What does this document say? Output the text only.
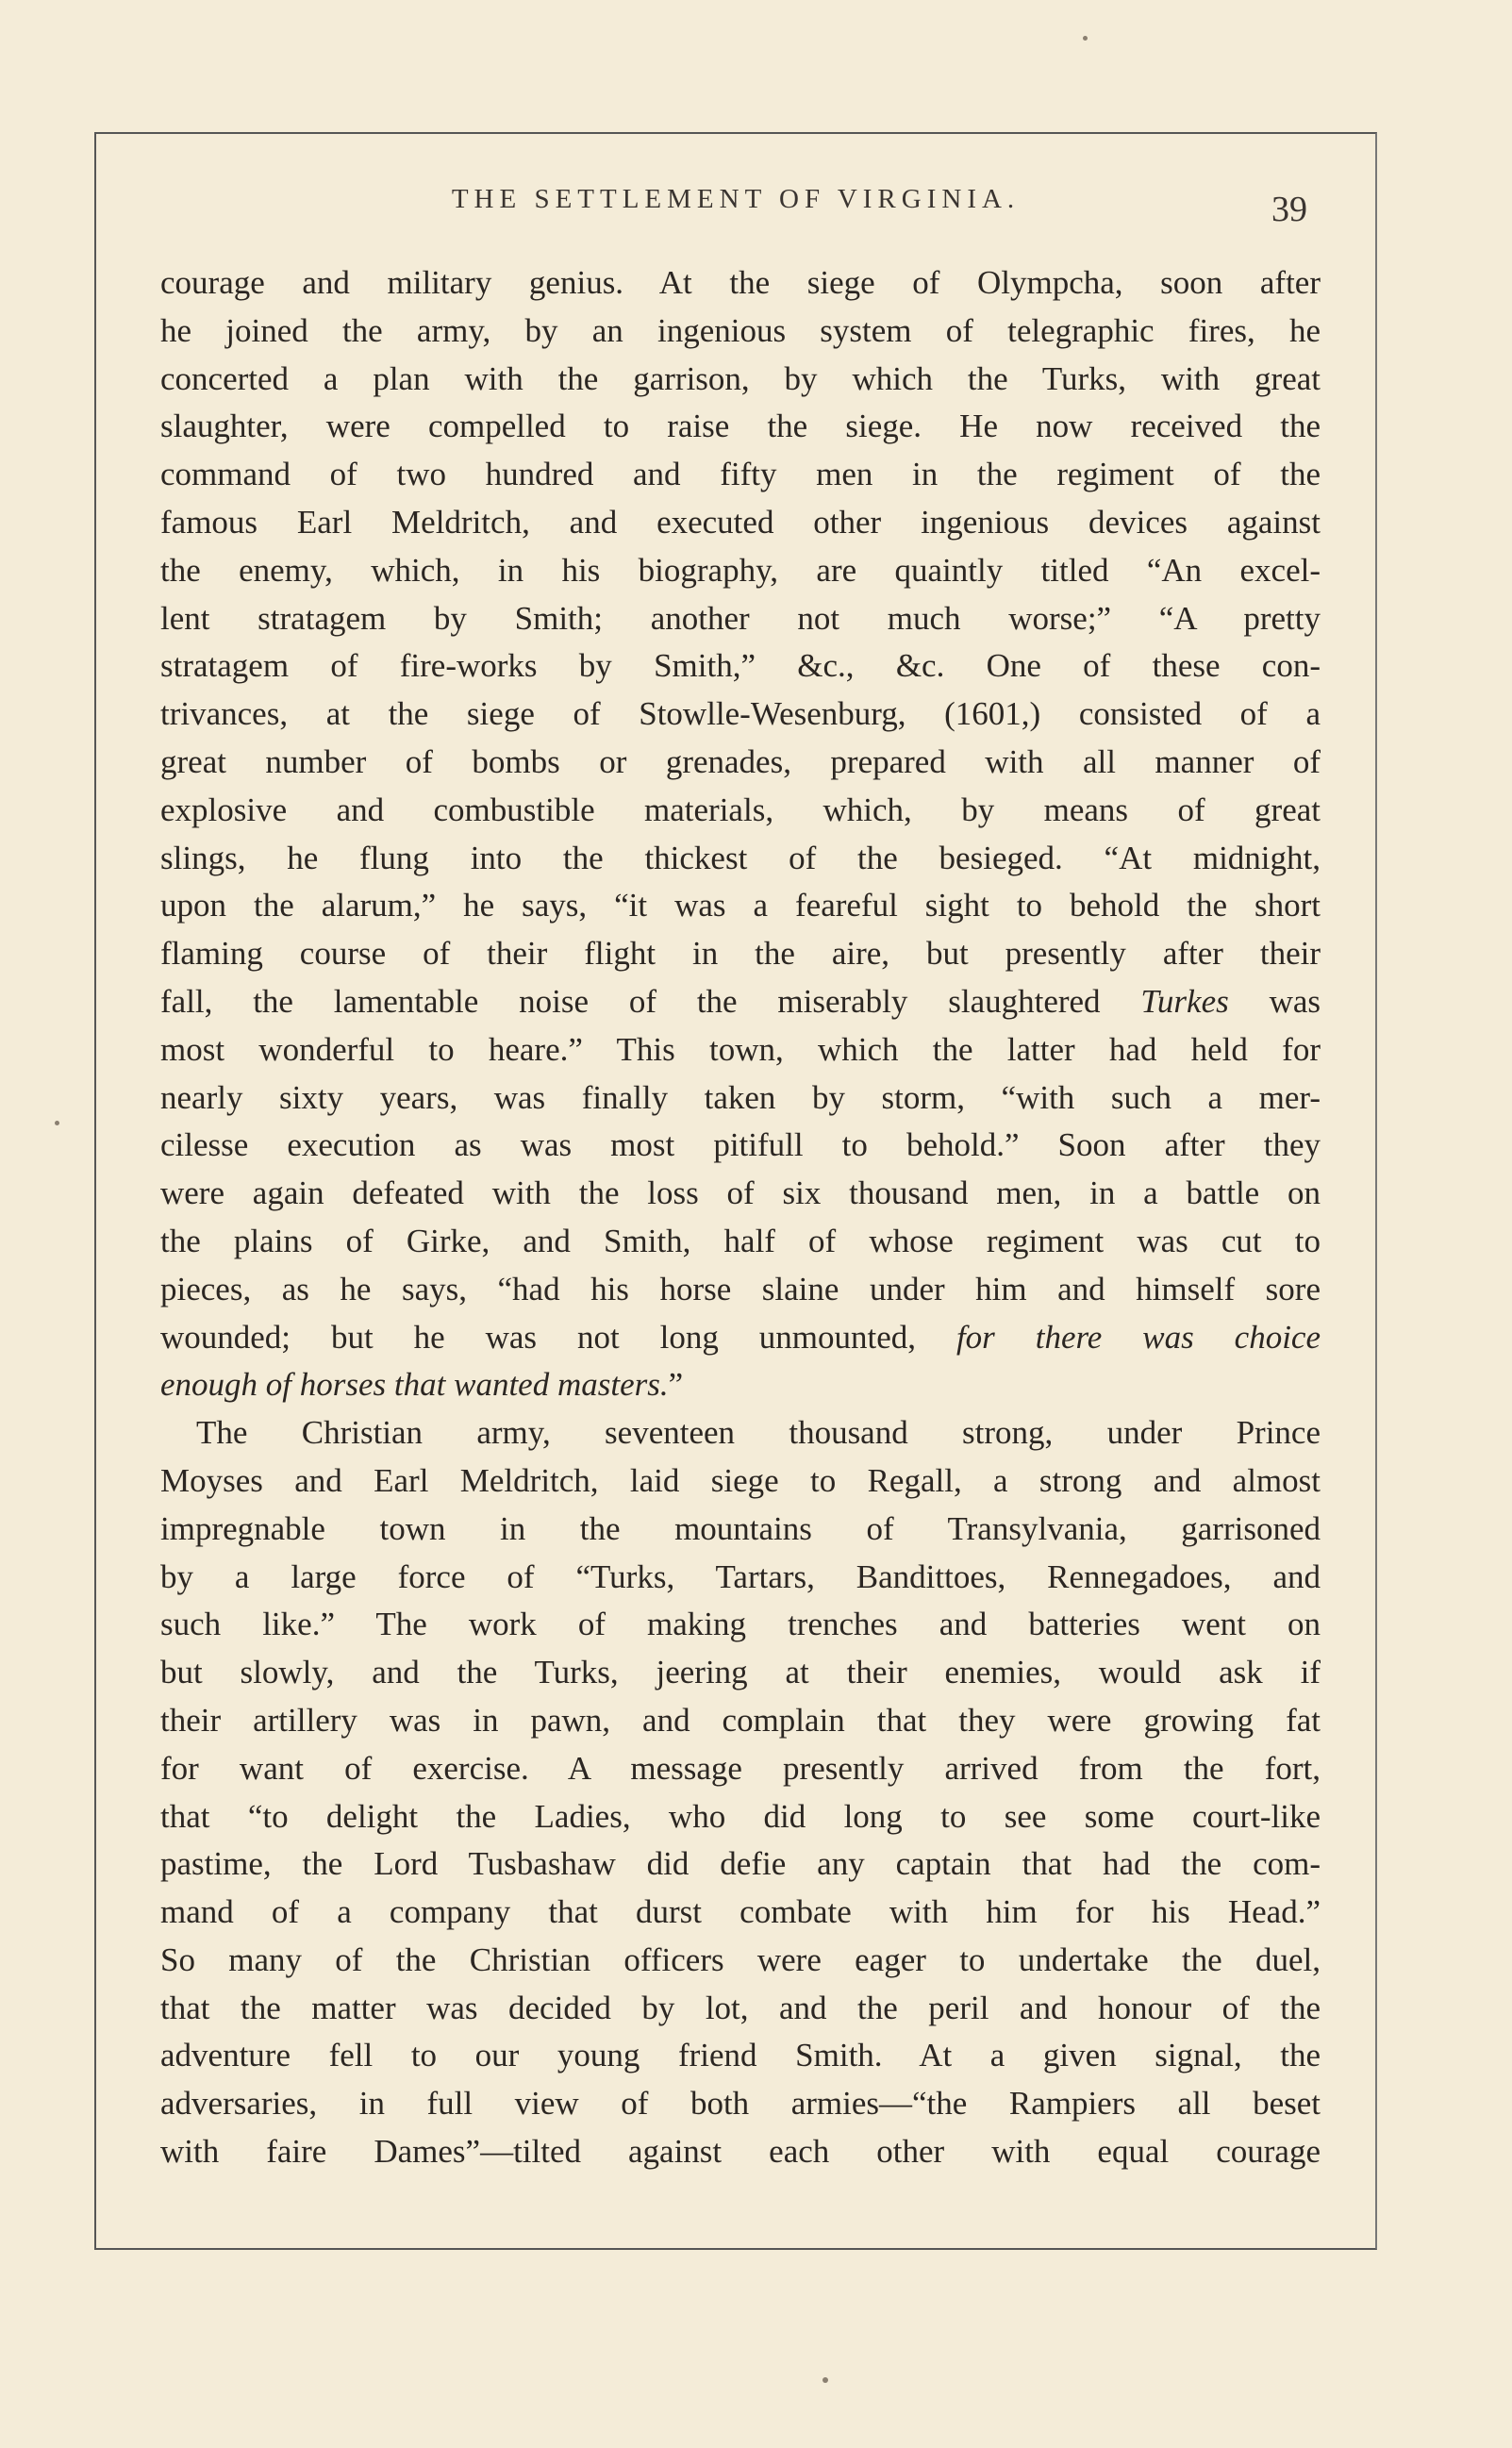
THE SETTLEMENT OF VIRGINIA.	39
courage and military genius. At the siege of Olympcha, soon after
he joined the army, by an ingenious system of telegraphic fires, he
concerted a plan with the garrison, by which the Turks, with great
slaughter, were compelled to raise the siege. He now received the
command of two hundred and fifty men in the regiment of the
famous Earl Meldritch, and executed other ingenious devices against
the enemy, which, in his biography, are quaintly titled “An excel-
lent stratagem by Smith; another not much worse;” “A pretty
stratagem of fire-works by Smith,” &c., &c. One of these con-
trivances, at the siege of Stowlle-Wesenburg, (1601,) consisted of a
great number of bombs or grenades, prepared with all manner of
explosive and combustible materials, which, by means of great
slings, he flung into the thickest of the besieged. “At midnight,
upon the alarum,” he says, “it was a feareful sight to behold the short
flaming course of their flight in the aire, but presently after their
fall, the lamentable noise of the miserably slaughtered Turkes was
most wonderful to heare.” This town, which the latter had held for
nearly sixty years, was finally taken by storm, “with such a mer-
cilesse execution as was most pitifull to behold.” Soon after they
were again defeated with the loss of six thousand men, in a battle on
the plains of Girke, and Smith, half of whose regiment was cut to
pieces, as he says, “had his horse slaine under him and himself sore
wounded; but he was not long unmounted, for there was choice
enough of horses that wanted masters.”
The Christian army, seventeen thousand strong, under Prince
Moyses and Earl Meldritch, laid siege to Regall, a strong and almost
impregnable town in the mountains of Transylvania, garrisoned
by a large force of “Turks, Tartars, Bandittoes, Rennegadoes, and
such like.” The work of making trenches and batteries went on
but slowly, and the Turks, jeering at their enemies, would ask if
their artillery was in pawn, and complain that they were growing fat
for want of exercise. A message presently arrived from the fort,
that “to delight the Ladies, who did long to see some court-like
pastime, the Lord Tusbashaw did defie any captain that had the com-
mand of a company that durst combate with him for his Head.”
So many of the Christian officers were eager to undertake the duel,
that the matter was decided by lot, and the peril and honour of the
adventure fell to our young friend Smith. At a given signal, the
adversaries, in full view of both armies—“the Rampiers all beset
with faire Dames”—tilted against each other with equal courage
